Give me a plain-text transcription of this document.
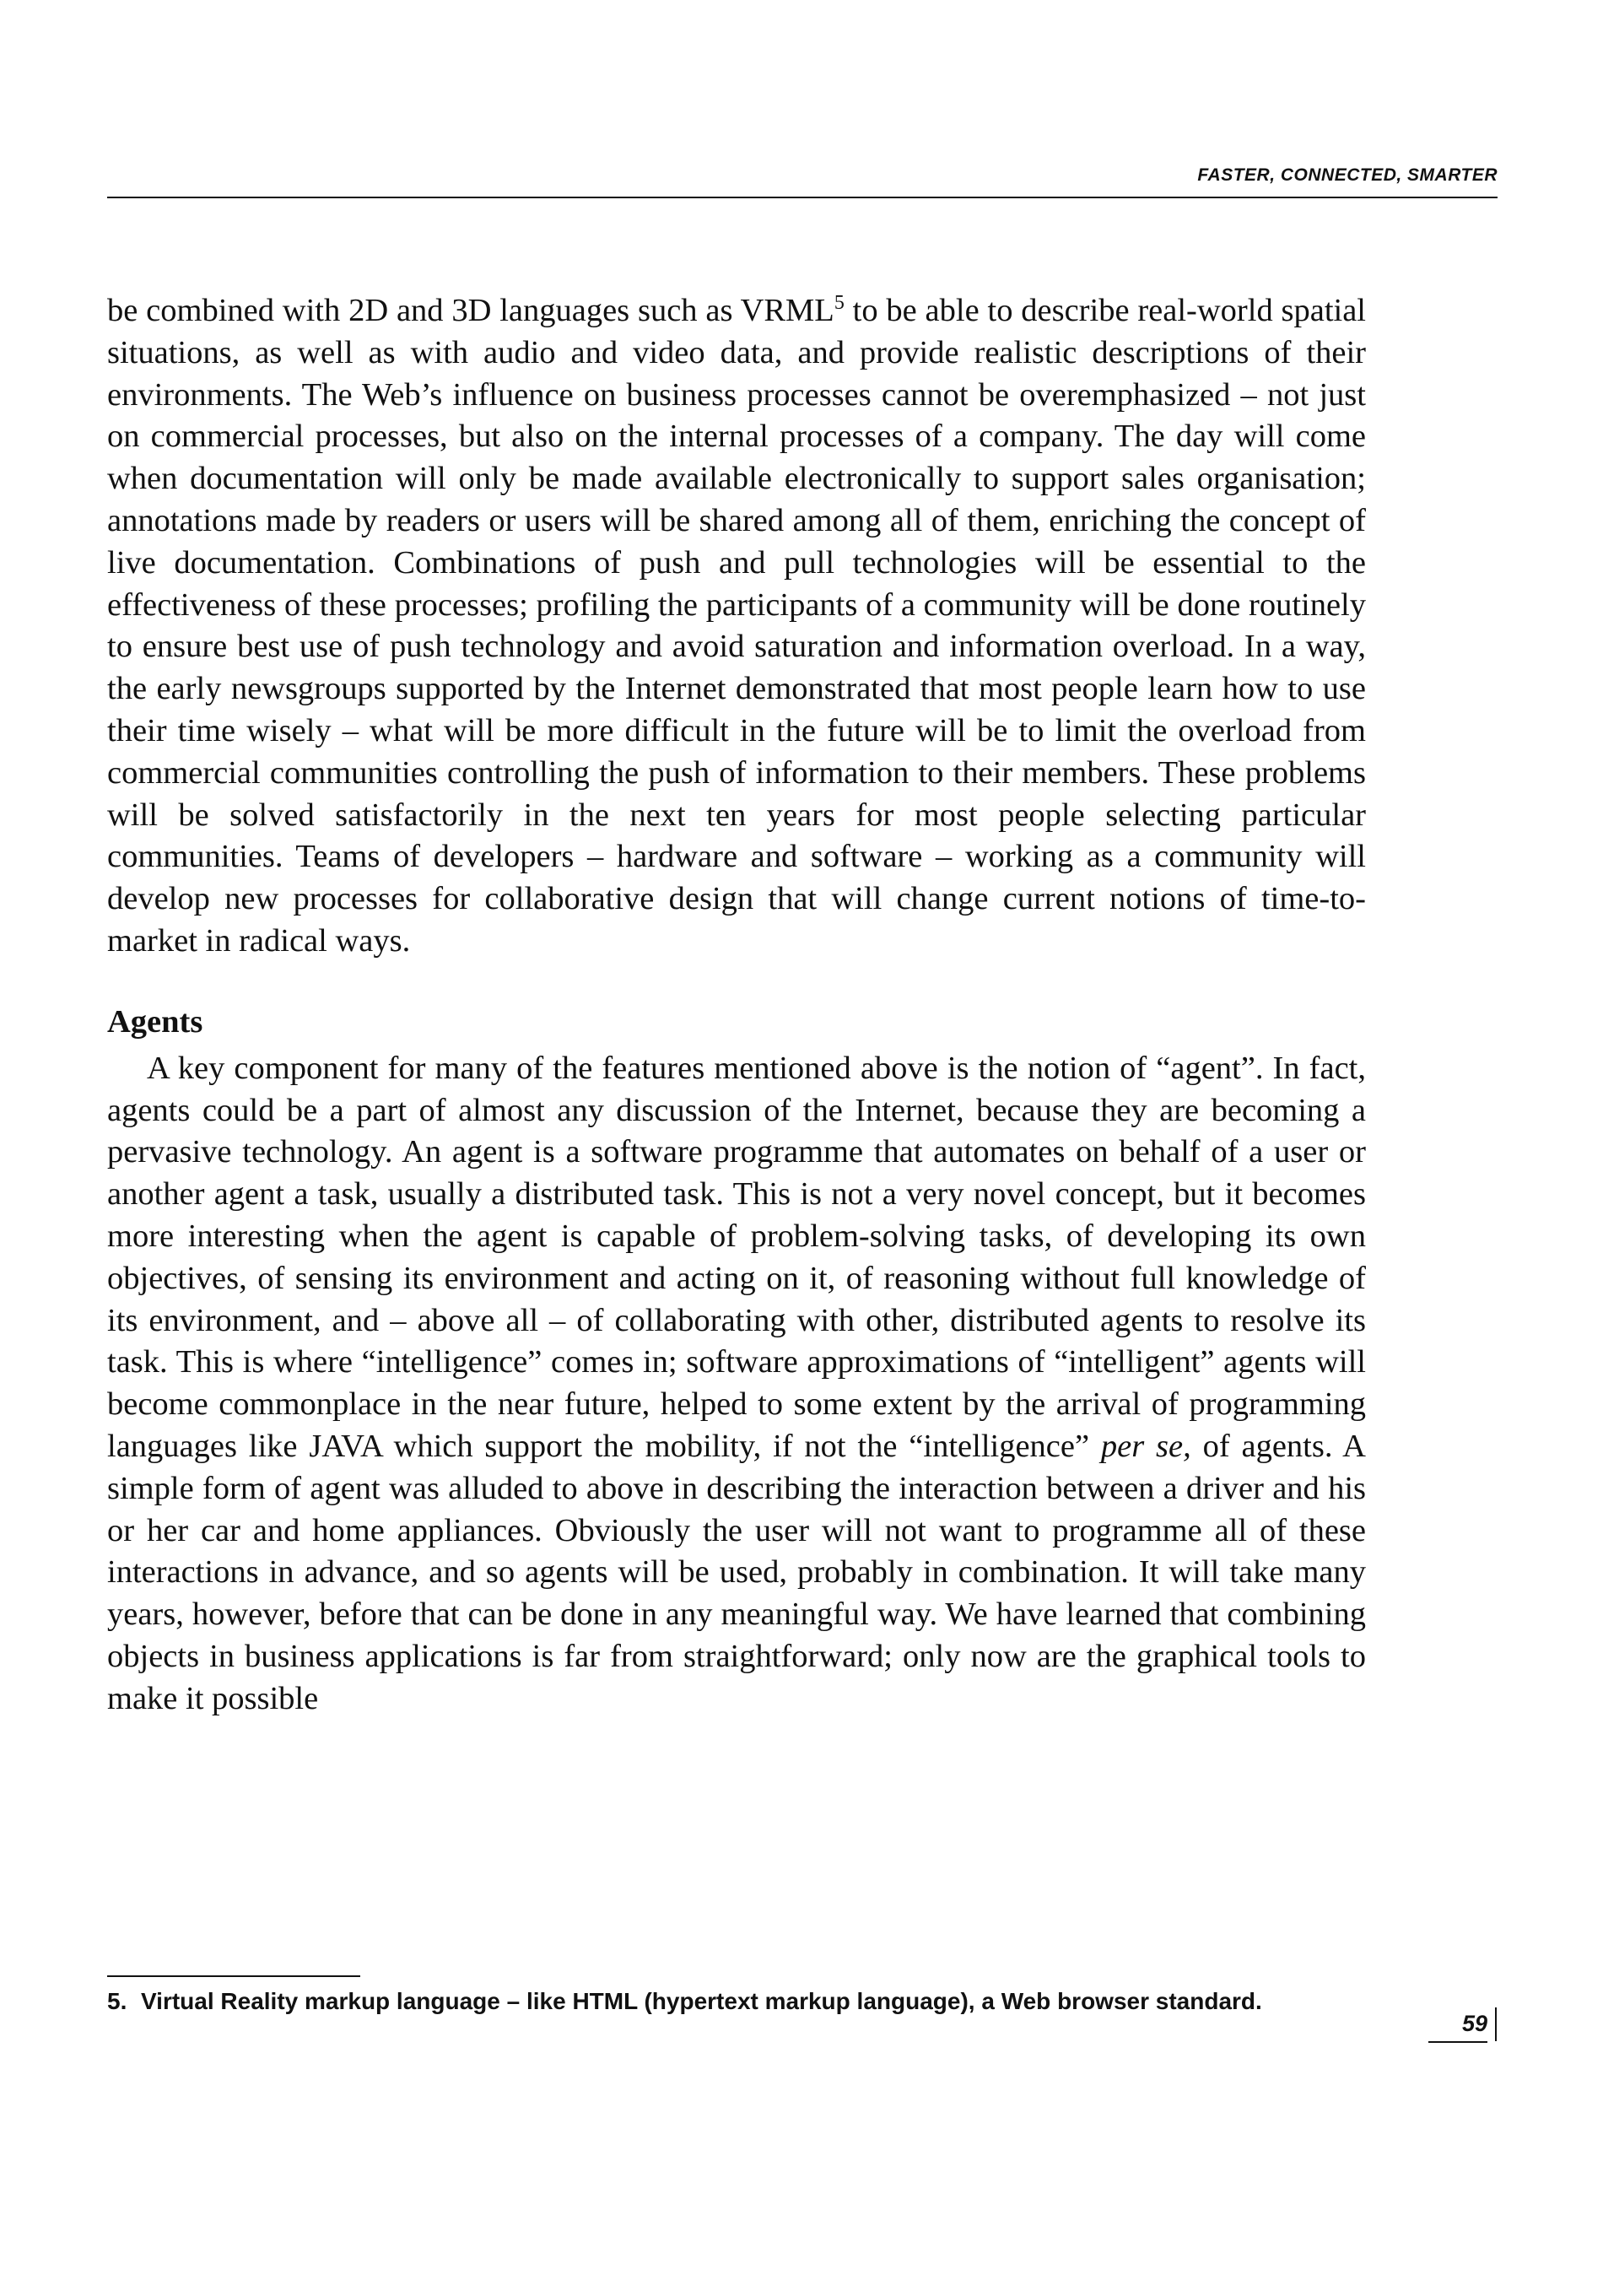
FASTER, CONNECTED, SMARTER

be combined with 2D and 3D languages such as VRML$^5$ to be able to describe real-world spatial situations, as well as with audio and video data, and provide realistic descriptions of their environments. The Web’s influence on business processes cannot be overemphasized – not just on commercial processes, but also on the internal processes of a company. The day will come when documentation will only be made available electronically to support sales organisation; annotations made by readers or users will be shared among all of them, enriching the concept of live documentation. Combinations of push and pull technologies will be essential to the effectiveness of these processes; profiling the participants of a community will be done routinely to ensure best use of push technology and avoid saturation and information overload. In a way, the early newsgroups supported by the Internet demonstrated that most people learn how to use their time wisely – what will be more difficult in the future will be to limit the overload from commercial communities controlling the push of information to their members. These problems will be solved satisfactorily in the next ten years for most people selecting particular communities. Teams of developers – hardware and software – working as a community will develop new processes for collaborative design that will change current notions of time-to-market in radical ways.

Agents

A key component for many of the features mentioned above is the notion of “agent”. In fact, agents could be a part of almost any discussion of the Internet, because they are becoming a pervasive technology. An agent is a software programme that automates on behalf of a user or another agent a task, usually a distributed task. This is not a very novel concept, but it becomes more interesting when the agent is capable of problem-solving tasks, of developing its own objectives, of sensing its environment and acting on it, of reasoning without full knowledge of its environment, and – above all – of collaborating with other, distributed agents to resolve its task. This is where “intelligence” comes in; software approximations of “intelligent” agents will become commonplace in the near future, helped to some extent by the arrival of programming languages like JAVA which support the mobility, if not the “intelligence” per se, of agents. A simple form of agent was alluded to above in describing the interaction between a driver and his or her car and home appliances. Obviously the user will not want to programme all of these interactions in advance, and so agents will be used, probably in combination. It will take many years, however, before that can be done in any meaningful way. We have learned that combining objects in business applications is far from straightforward; only now are the graphical tools to make it possible

5. Virtual Reality markup language – like HTML (hypertext markup language), a Web browser standard.
59
